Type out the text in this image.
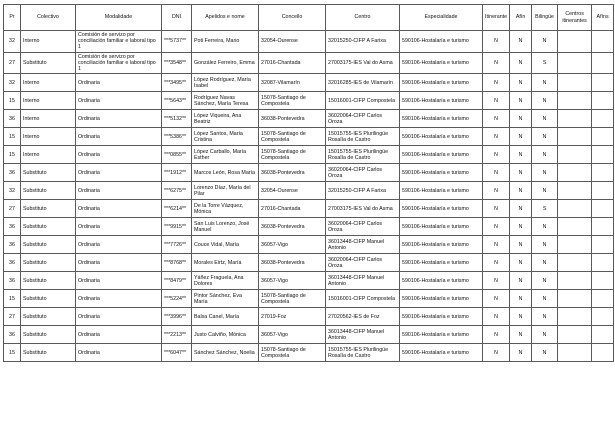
Pr	Colectivo	Modalidade	DNI	Apelidos e nome	Concello	Centro	Especialidade	Itinerante	Afín	Bilingüe	Centros itinerantes	Afíns
32	Interno	Comisión de servizo por conciliación familiar e laboral tipo 1	***5737**	Poti Ferreira, Mario	32054-Ourense	32015250-CIFP A Farixa	590106-Hostalaría e turismo	N	N	N		
27	Substituto	Comisión de servizo por conciliación familiar e laboral tipo 1	***3548**	González Ferreiro, Emma	27016-Chantada	27003175-IES Val do Asma	590106-Hostalaría e turismo	N	N	S		
32	Interno	Ordinaria	***3495**	López Rodríguez, María Isabel	32087-Vilamarín	32016285-IES de Vilamarín	590106-Hostalaría e turismo	N	N	N		
15	Interno	Ordinaria	***5643**	Rodríguez Navas Sánchez, María Teresa	15078-Santiago de Compostela	15016001-CIFP Compostela	590106-Hostalaría e turismo	N	N	N		
36	Interno	Ordinaria	***5132**	López Viqueira, Ana Beatriz	36038-Pontevedra	36020064-CIFP Carlos Oroza	590106-Hostalaría e turismo	N	N	N		
15	Interno	Ordinaria	***5386**	López Santos, María Cristina	15078-Santiago de Compostela	15015755-IES Plurilingüe Rosalía de Castro	590106-Hostalaría e turismo	N	N	N		
15	Interno	Ordinaria	***0855**	López Carballo, María Esther	15078-Santiago de Compostela	15015755-IES Plurilingüe Rosalía de Castro	590106-Hostalaría e turismo	N	N	N		
36	Substituto	Ordinaria	***1912**	Marcos León, Rosa María	36038-Pontevedra	36020064-CIFP Carlos Oroza	590106-Hostalaría e turismo	N	N	N		
32	Substituto	Ordinaria	***6275**	Lorenzo Díaz, María del Pilar	32054-Ourense	32015250-CIFP A Farixa	590106-Hostalaría e turismo	N	N	N		
27	Substituto	Ordinaria	***6214**	De la Torre Vázquez, Mónica	27016-Chantada	27003175-IES Val do Asma	590106-Hostalaría e turismo	N	N	S		
36	Substituto	Ordinaria	***9915**	San Luis Lorenzo, José Manuel	36038-Pontevedra	36020064-CIFP Carlos Oroza	590106-Hostalaría e turismo	N	N	N		
36	Substituto	Ordinaria	***7726**	Couce Vidal, María	36057-Vigo	36013448-CIFP Manuel Antonio	590106-Hostalaría e turismo	N	N	N		
36	Substituto	Ordinaria	***8768**	Morales Eirtz, María	36038-Pontevedra	36020064-CIFP Carlos Oroza	590106-Hostalaría e turismo	N	N	N		
36	Substituto	Ordinaria	***8479**	Yáñez Fraguela, Ana Dolores	36057-Vigo	36013448-CIFP Manuel Antonio	590106-Hostalaría e turismo	N	N	N		
15	Substituto	Ordinaria	***5224**	Pintor Sánchez, Eva María	15078-Santiago de Compostela	15016001-CIFP Compostela	590106-Hostalaría e turismo	N	N	N		
27	Substituto	Ordinaria	***3996**	Balsa Canel, María	27019-Foz	27020562-IES de Foz	590106-Hostalaría e turismo	N	N	N		
36	Substituto	Ordinaria	***2213**	Justo Calviño, Mónica	36057-Vigo	36013448-CIFP Manuel Antonio	590106-Hostalaría e turismo	N	N	N		
15	Substituto	Ordinaria	***6047**	Sánchez Sánchez, Noelia	15078-Santiago de Compostela	15015755-IES Plurilingüe Rosalía de Castro	590106-Hostalaría e turismo	N	N	N		
